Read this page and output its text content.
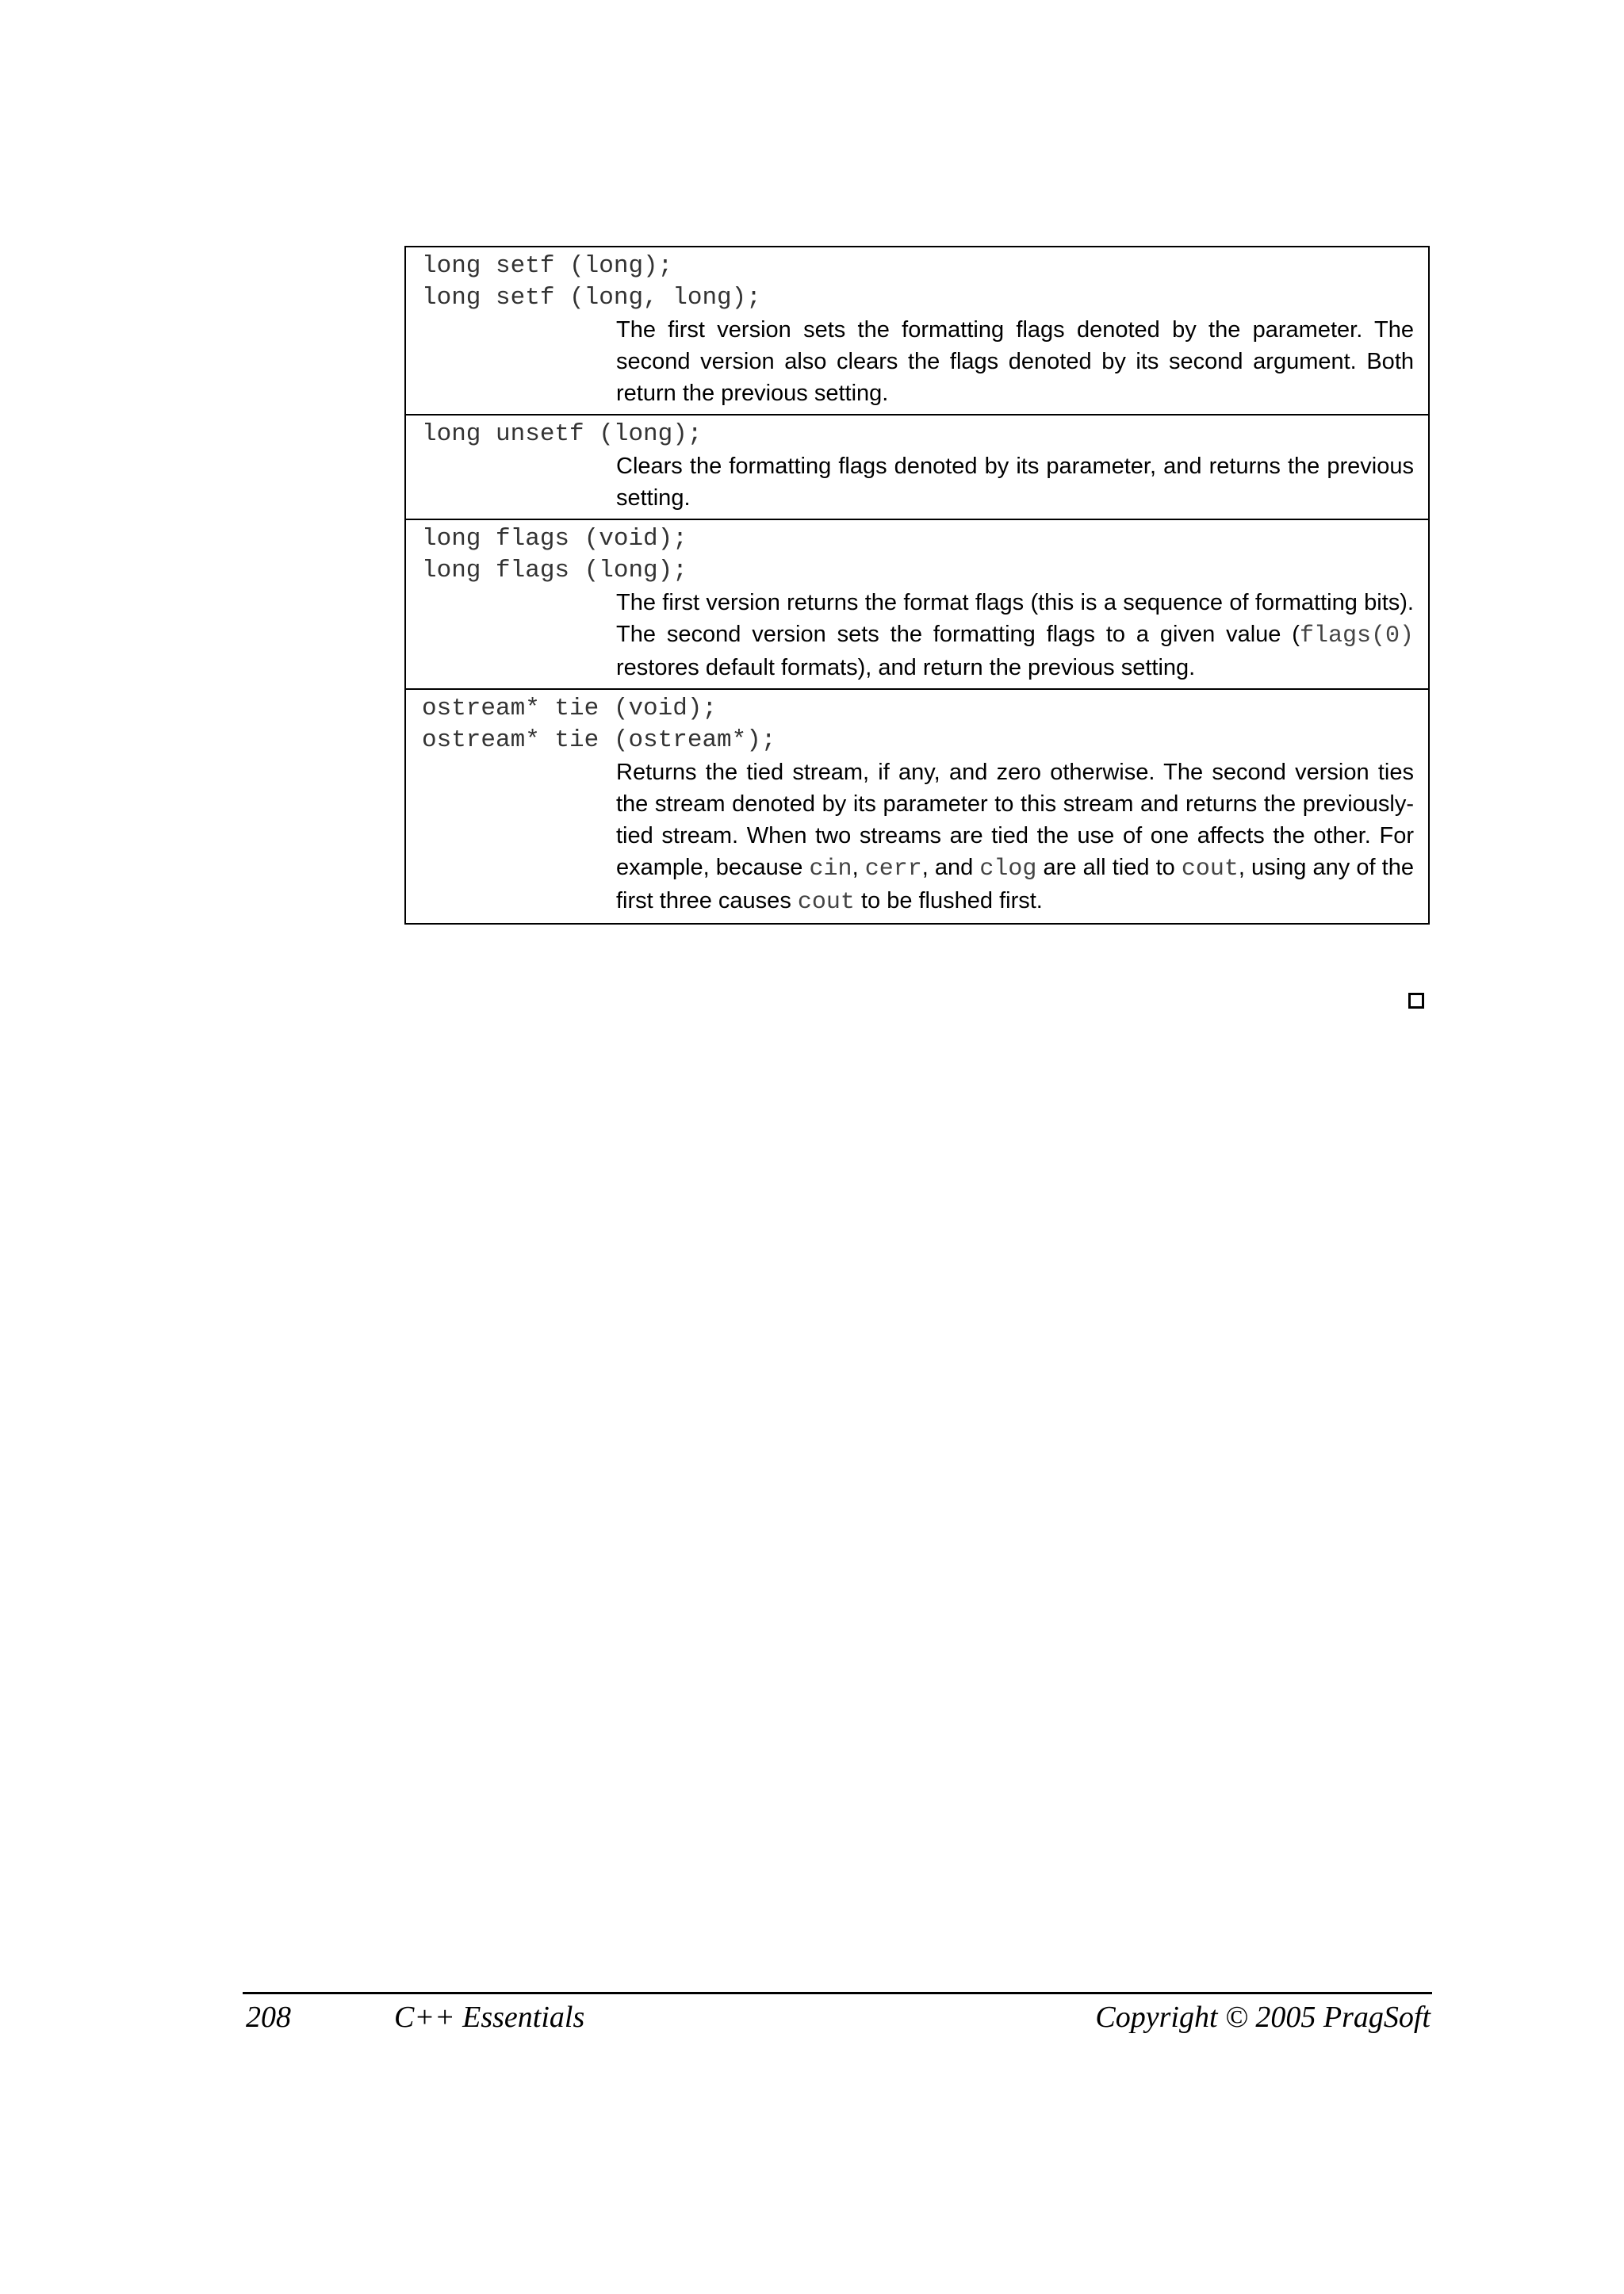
long setf (long);
long setf (long, long);
The first version sets the formatting flags denoted by the parameter. The second version also clears the flags denoted by its second argument. Both return the previous setting.
long unsetf (long);
Clears the formatting flags denoted by its parameter, and returns the previous setting.
long flags (void);
long flags (long);
The first version returns the format flags (this is a sequence of formatting bits). The second version sets the formatting flags to a given value (flags(0) restores default formats), and return the previous setting.
ostream* tie (void);
ostream* tie (ostream*);
Returns the tied stream, if any, and zero otherwise. The second version ties the stream denoted by its parameter to this stream and returns the previously-tied stream. When two streams are tied the use of one affects the other. For example, because cin, cerr, and clog are all tied to cout, using any of the first three causes cout to be flushed first.
208	C++ Essentials	Copyright © 2005 PragSoft
